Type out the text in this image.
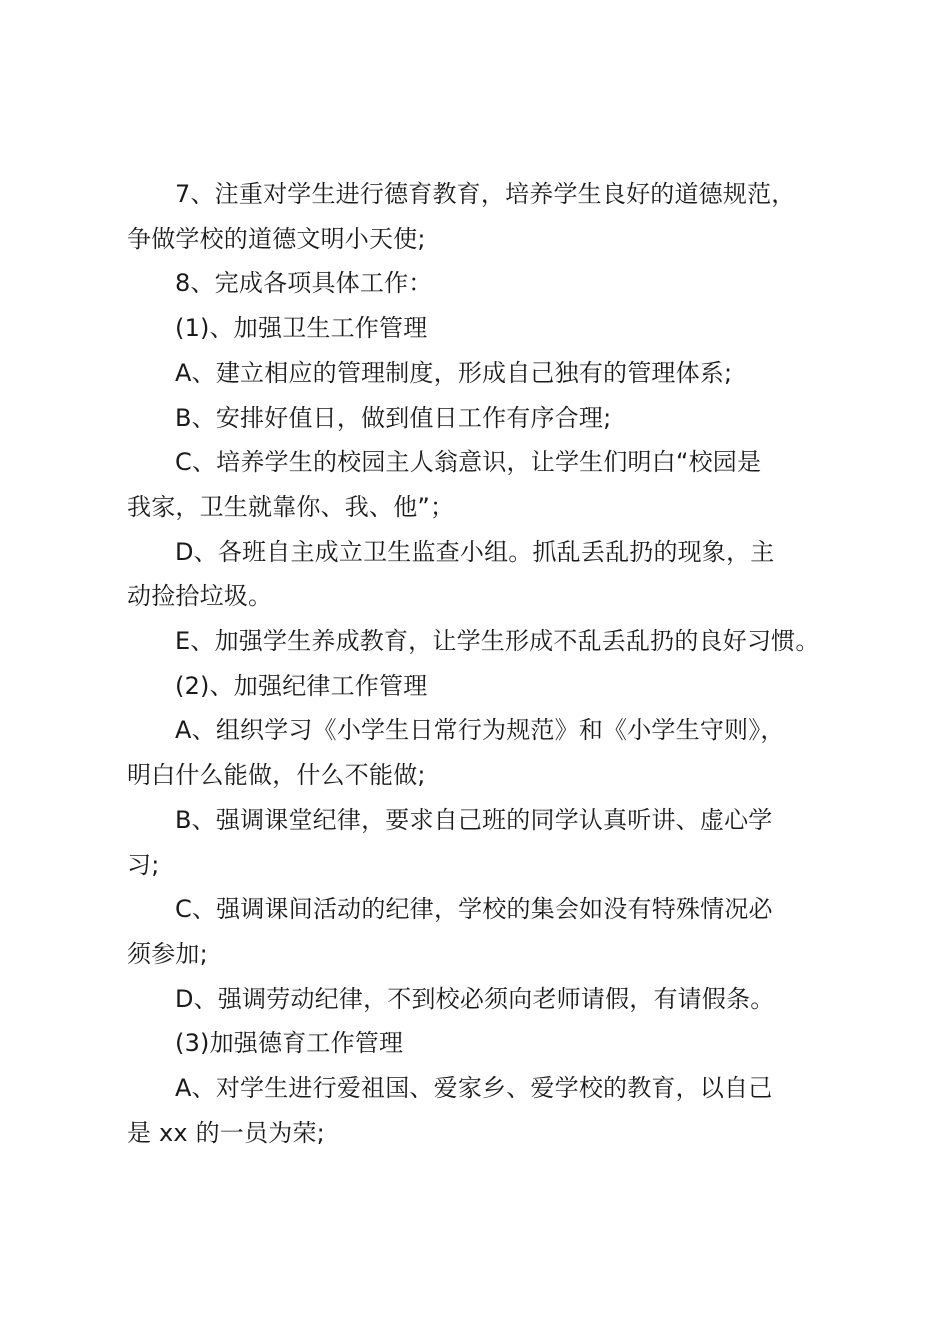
7、注重对学生进行德育教育，培养学生良好的道德规范，
争做学校的道德文明小天使;
8、完成各项具体工作：
(1)、加强卫生工作管理
A、建立相应的管理制度，形成自己独有的管理体系;
B、安排好值日，做到值日工作有序合理;
C、培养学生的校园主人翁意识，让学生们明白“校园是
我家，卫生就靠你、我、他”；
D、各班自主成立卫生监查小组。抓乱丢乱扔的现象，主
动捡拾垃圾。
E、加强学生养成教育，让学生形成不乱丢乱扔的良好习惯。
(2)、加强纪律工作管理
A、组织学习《小学生日常行为规范》和《小学生守则》，
明白什么能做，什么不能做;
B、强调课堂纪律，要求自己班的同学认真听讲、虚心学
习;
C、强调课间活动的纪律，学校的集会如没有特殊情况必
须参加;
D、强调劳动纪律，不到校必须向老师请假，有请假条。
(3)加强德育工作管理
A、对学生进行爱祖国、爱家乡、爱学校的教育，以自己
是 xx 的一员为荣;
